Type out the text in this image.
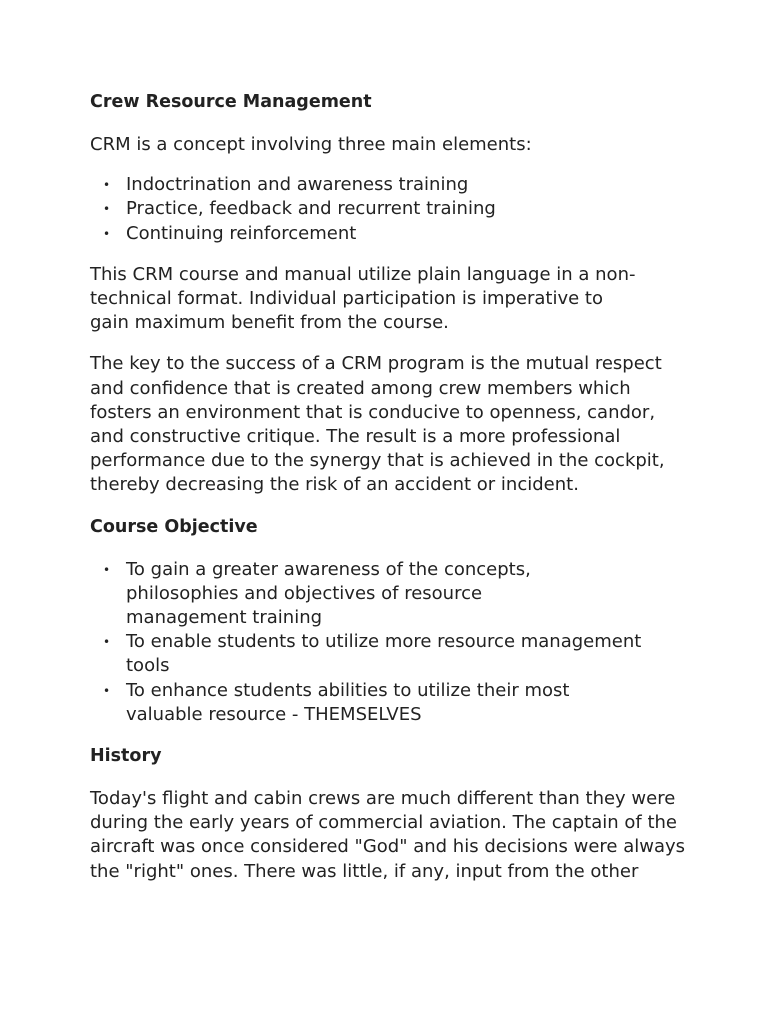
Crew Resource Management

CRM is a concept involving three main elements:

• Indoctrination and awareness training
• Practice, feedback and recurrent training
• Continuing reinforcement

This CRM course and manual utilize plain language in a non-technical format. Individual participation is imperative to gain maximum benefit from the course.

The key to the success of a CRM program is the mutual respect and confidence that is created among crew members which fosters an environment that is conducive to openness, candor, and constructive critique. The result is a more professional performance due to the synergy that is achieved in the cockpit, thereby decreasing the risk of an accident or incident.

Course Objective
• To gain a greater awareness of the concepts, philosophies and objectives of resource management training
• To enable students to utilize more resource management tools
• To enhance students abilities to utilize their most valuable resource - THEMSELVES
History

Today's flight and cabin crews are much different than they were during the early years of commercial aviation. The captain of the aircraft was once considered "God" and his decisions were always the "right" ones. There was little, if any, input from the other
